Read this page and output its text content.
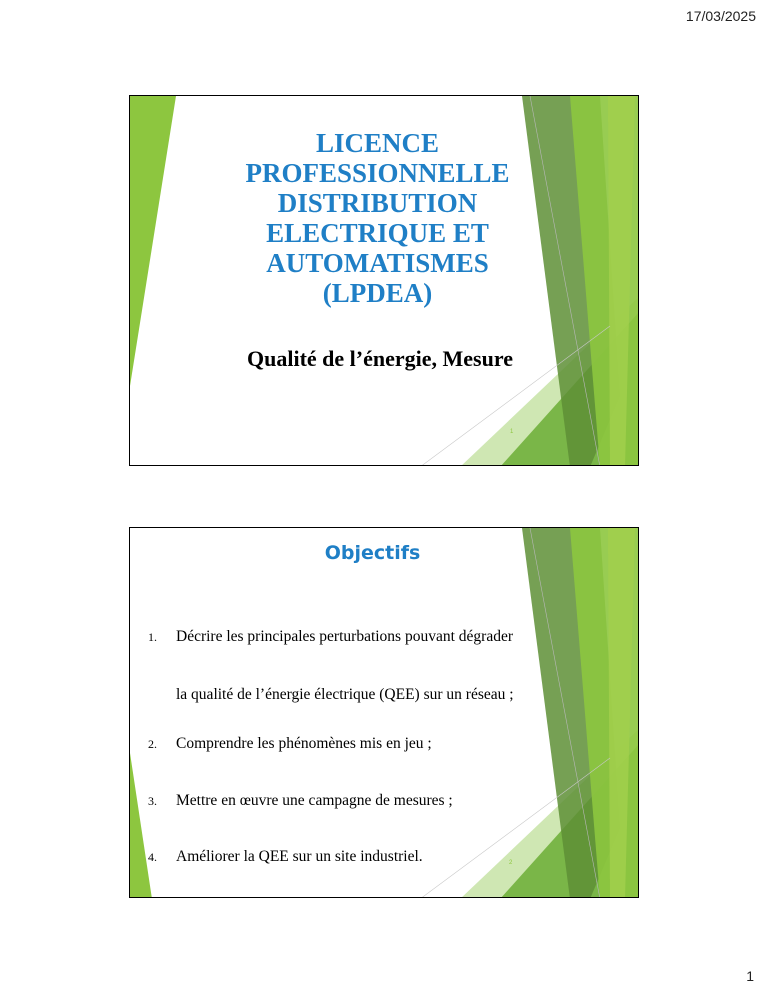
17/03/2025
LICENCE
PROFESSIONNELLE
DISTRIBUTION
ELECTRIQUE ET
AUTOMATISMES
(LPDEA)
Qualité de l’énergie, Mesure
1
Objectifs
1. Décrire les principales perturbations pouvant dégrader
la qualité de l’énergie électrique (QEE) sur un réseau ;
2. Comprendre les phénomènes mis en jeu ;
3. Mettre en œuvre une campagne de mesures ;
4. Améliorer la QEE sur un site industriel.	2
1
